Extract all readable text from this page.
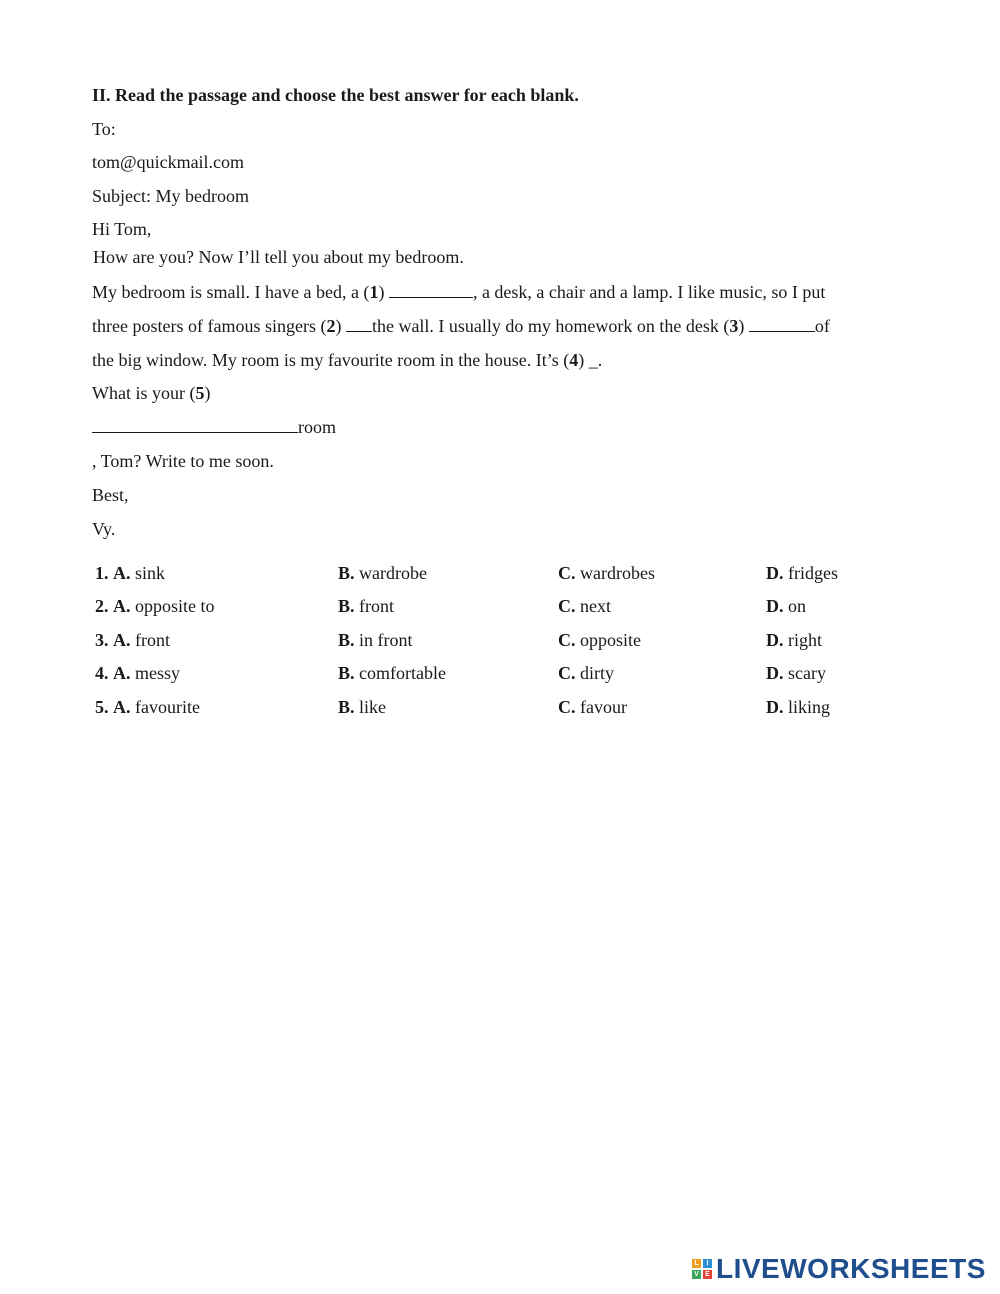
II. Read the passage and choose the best answer for each blank.
To:
tom@quickmail.com
Subject: My bedroom
Hi Tom,
How are you? Now I’ll tell you about my bedroom.
My bedroom is small. I have a bed, a (1)	, a desk, a chair and a lamp. I like music, so I put
three posters of famous singers (2) the wall. I usually do my homework on the desk (3)	of
the big window. My room is my favourite room in the house. It’s (4) _.
What is your (5)
room
, Tom? Write to me soon.
Best,
Vy.
1. A. sink	B. wardrobe	C. wardrobes	D. fridges
2. A. opposite to	B. front	C. next	D. on
3. A. front	B. in front	C. opposite	D. right
4. A. messy	B. comfortable	C. dirty	D. scary
5. A. favourite	B. like	C. favour	D. liking
L	I
V E LIVEWORKSHEETS
